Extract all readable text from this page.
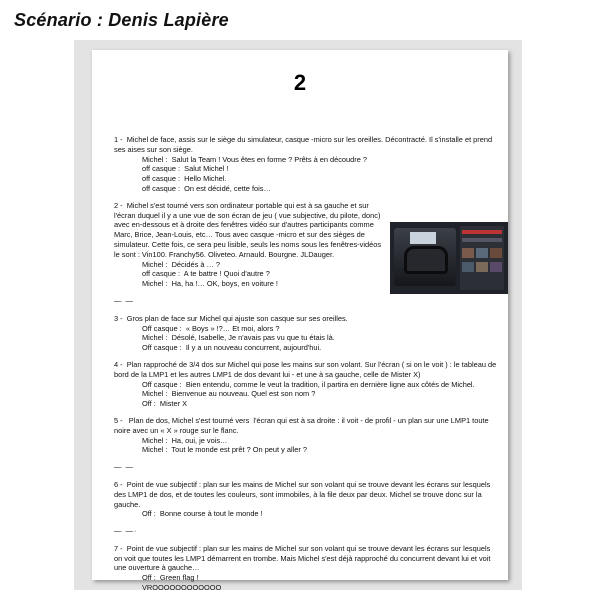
Scénario : Denis Lapière
2
1 -  Michel de face, assis sur le siège du simulateur, casque -micro sur les oreilles. Décontracté. Il s'installe et prend ses aises sur son siège.
Michel :  Salut la Team ! Vous êtes en forme ? Prêts à en découdre ?
off casque :  Salut Michel !
off casque :  Hello Michel.
off casque :  On est décidé, cette fois…
2 -  Michel s'est tourné vers son ordinateur portable qui est à sa gauche et sur l'écran duquel il y a une vue de son écran de jeu ( vue subjective, du pilote, donc) avec en-dessous et à droite des fenêtres vidéo sur d'autres participants comme Marc, Brice, Jean-Louis, etc… Tous avec casque -micro et sur des sièges de simulateur. Cette fois, ce sera peu lisible, seuls les noms sous les fenêtres-vidéos le sont : Vin100. Franchy56. Oliveteo. Arnauld. Bourgne. JLDauger.
Michel :  Décidés à … ?
off casque :  A te battre ! Quoi d'autre ?
Michel :  Ha, ha !… OK, boys, en voiture !
— —
3 -  Gros plan de face sur Michel qui ajuste son casque sur ses oreilles.
Off casque :  « Boys » !?… Et moi, alors ?
Michel :  Désolé, Isabelle, Je n'avais pas vu que tu étais là.
Off casque :  Il y a un nouveau concurrent, aujourd'hui.
4 -  Plan rapproché de 3/4 dos sur Michel qui pose les mains sur son volant. Sur l'écran ( si on le voit ) : le tableau de bord de la LMP1 et les autres LMP1 de dos devant lui - et une à sa gauche, celle de Mister X)
Off casque :  Bien entendu, comme le veut la tradition, il partira en dernière ligne aux côtés de Michel.
Michel :  Bienvenue au nouveau. Quel est son nom ?
Off :  Mister X
5 -   Plan de dos, Michel s'est tourné vers  l'écran qui est à sa droite : il voit - de profil - un plan sur une LMP1 toute noire avec un « X » rouge sur le flanc.
Michel :  Ha, oui, je vois…
Michel :  Tout le monde est prêt ? On peut y aller ?
— —
6 -  Point de vue subjectif : plan sur les mains de Michel sur son volant qui se trouve devant les écrans sur lesquels des LMP1 de dos, et de toutes les couleurs, sont immobiles, à la file deux par deux. Michel se trouve donc sur la gauche.
Off :  Bonne course à tout le monde !
— —·
7 -  Point de vue subjectif : plan sur les mains de Michel sur son volant qui se trouve devant les écrans sur lesquels on voit que toutes les LMP1 démarrent en trombe. Mais Michel s'est déjà rapproché du concurrent devant lui et voit une ouverture à gauche…
Off :  Green flag !
VROOOOOOOOOOOO
